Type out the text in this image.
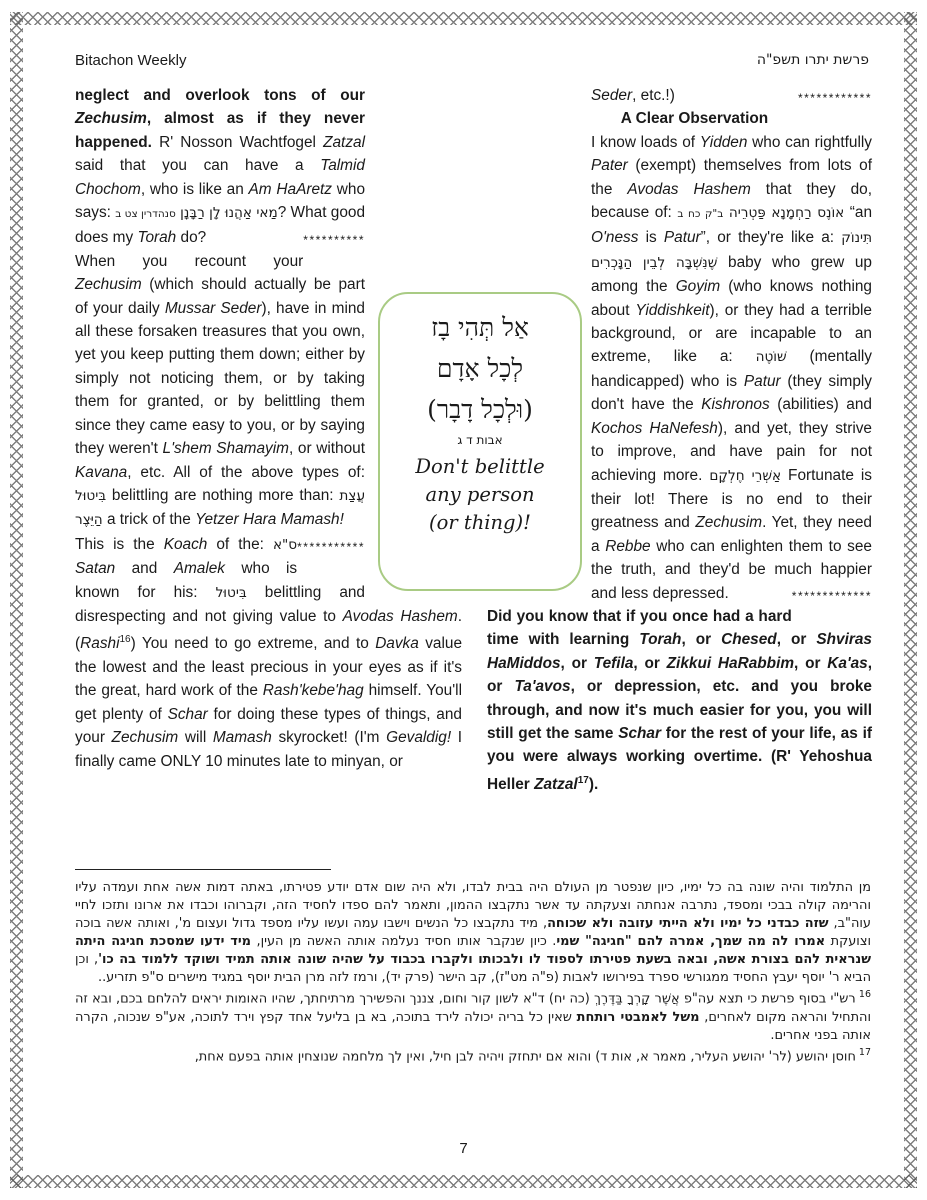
Bitachon Weekly	פרשת יתרו תשפ"ה

neglect and overlook tons of our Zechusim, almost as if they never happened. R' Nosson Wachtfogel Zatzal said that you can have a Talmid Chochom, who is like an Am HaAretz who says:	מַאי אַהֲנוּ לָן רַבָּנָן סנהדרין צט ב	? What good does my Torah do?	**********

When you recount your Zechusim (which should actually be part of your daily Mussar Seder), have in mind all these forsaken treasures that you own, yet you keep putting them down; either by simply not noticing them, or by taking them for granted, or by belittling them since they came easy to you, or by saying they weren't L'shem Shamayim, or without Kavana, etc. All of the above types of: בִּיטוּל belittling are nothing more than: עֲצַת הַיֵּצֶר a trick of the Yetzer Hara Mamash!
***********

This is the Koach of the: ס"א Satan and Amalek who is known for his: בִּיטוּל belittling and disrespecting and not giving value to Avodas Hashem. (Rashi$^{16}$) You need to go extreme, and to Davka value the lowest and the least precious in your eyes as if it's the great, hard work of the Rash'kebe'hag himself. You'll get plenty of Schar for doing these types of things, and your Zechusim will Mamash skyrocket! (I'm Gevaldig! I finally came ONLY 10 minutes late to minyan, or

Seder, etc.!)	************

A Clear Observation

I know loads of Yidden who can rightfully Pater (exempt) themselves from lots of the Avodas Hashem that they do, because of:	אוֹנֶס רַחְמָנָא פַּטְרֵיה ב"ק כח ב	“an O'ness is Patur”, or they're like a: תִּינוֹק שֶׁנִּשְׁבָּה לְבֵין הַנָּכְרִים baby who grew up among the Goyim (who knows nothing about Yiddishkeit), or they had a terrible background, or are incapable to an extreme, like a: שׁוֹטֶה (mentally handicapped) who is Patur (they simply don't have the Kishronos (abilities) and Kochos HaNefesh), and yet, they strive to improve, and have pain for not achieving more. אַשְׁרֵי חֶלְקָם Fortunate is their lot! There is no end to their greatness and Zechusim. Yet, they need a Rebbe who can enlighten them to see the truth, and they'd be much happier and less depressed.	*************

Did you know that if you once had a hard time with learning Torah, or Chesed, or Shviras HaMiddos, or Tefila, or Zikkui HaRabbim, or Ka'as, or Ta'avos, or depression, etc. and you broke through, and now it's much easier for you, you will still get the same Schar for the rest of your life, as if you were always working overtime. (R' Yehoshua Heller Zatzal$^{17}$).

אַל תְּהִי בָז
לְכָל אָדָם
(וּלְכָל דָבָר)
אבות ד ג
Don't belittle
any person
(or thing)!

מן התלמוד והיה שונה בה כל ימיו, כיון שנפטר מן העולם היה בבית לבדו, ולא היה שום אדם יודע פטירתו, באתה דמות אשה אחת ועמדה עליו והרימה קולה בבכי ומספד, נתרבה אנחתה וצעקתה עד אשר נתקבצו ההמון, ותאמר להם ספדו לחסיד הזה, וקברוהו וכבדו את ארונו ותזכו לחיי עוה"ב, שזה כבדני כל ימיו ולא הייתי עזובה ולא שכוחה, מיד נתקבצו כל הנשים וישבו עמה ועשו עליו מספד גדול ועצום מ', ואותה אשה בוכה וצועקת אמרו לה מה שמך, אמרה להם "חגיגה" שמי. כיון שנקבר אותו חסיד נעלמה אותה האשה מן העין, מיד ידעו שמסכת חגיגה היתה שנראית להם בצורת אשה, ובאה בשעת פטירתו לספוד לו ולבכותו ולקברו בכבוד על שהיה שונה אותה תמיד ושוקד ללמוד בה כו', וכן הביא ר' יוסף יעבץ החסיד ממגורשי ספרד בפירושו לאבות (פ"ה מט"ז), קב הישר (פרק יד), ורמז לזה מרן הבית יוסף במגיד מישרים ס"פ תזריע..

$^{16}$ רש"י בסוף פרשת כי תצא עה"פ אֲשֶׁר קָרְךָ בַּדֶּרֶךְ (כה יח) ד"א לשון קור וחום, צננך והפשירך מרתיחתך, שהיו האומות יראים להלחם בכם, ובא זה והתחיל והראה מקום לאחרים, משל לאמבטי רותחת שאין כל בריה יכולה לירד בתוכה, בא בן בליעל אחד קפץ וירד לתוכה, אע"פ שנכוה, הקרה אותה בפני אחרים.

$^{17}$ חוסן יהושע (לר' יהושע העליר, מאמר א, אות ד) והוא אם יתחזק ויהיה לבן חיל, ואין לך מלחמה שנוצחין אותה בפעם אחת,

7
